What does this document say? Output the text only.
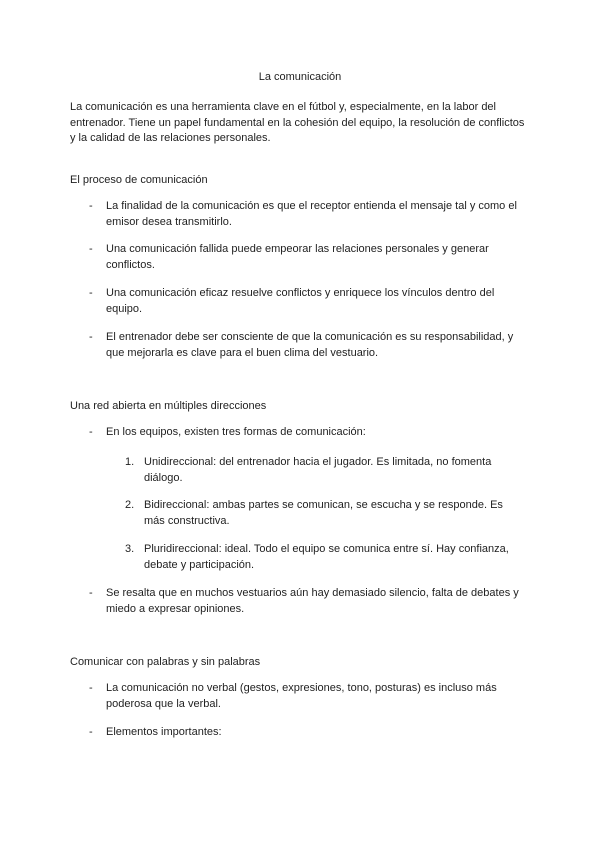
La comunicación

La comunicación es una herramienta clave en el fútbol y, especialmente, en la labor del entrenador. Tiene un papel fundamental en la cohesión del equipo, la resolución de conflictos y la calidad de las relaciones personales.

El proceso de comunicación

- La finalidad de la comunicación es que el receptor entienda el mensaje tal y como el emisor desea transmitirlo.
- Una comunicación fallida puede empeorar las relaciones personales y generar conflictos.
- Una comunicación eficaz resuelve conflictos y enriquece los vínculos dentro del equipo.
- El entrenador debe ser consciente de que la comunicación es su responsabilidad, y que mejorarla es clave para el buen clima del vestuario.

Una red abierta en múltiples direcciones

- En los equipos, existen tres formas de comunicación:
1. Unidireccional: del entrenador hacia el jugador. Es limitada, no fomenta diálogo.
2. Bidireccional: ambas partes se comunican, se escucha y se responde. Es más constructiva.
3. Pluridireccional: ideal. Todo el equipo se comunica entre sí. Hay confianza, debate y participación.
- Se resalta que en muchos vestuarios aún hay demasiado silencio, falta de debates y miedo a expresar opiniones.

Comunicar con palabras y sin palabras

- La comunicación no verbal (gestos, expresiones, tono, posturas) es incluso más poderosa que la verbal.
- Elementos importantes:
